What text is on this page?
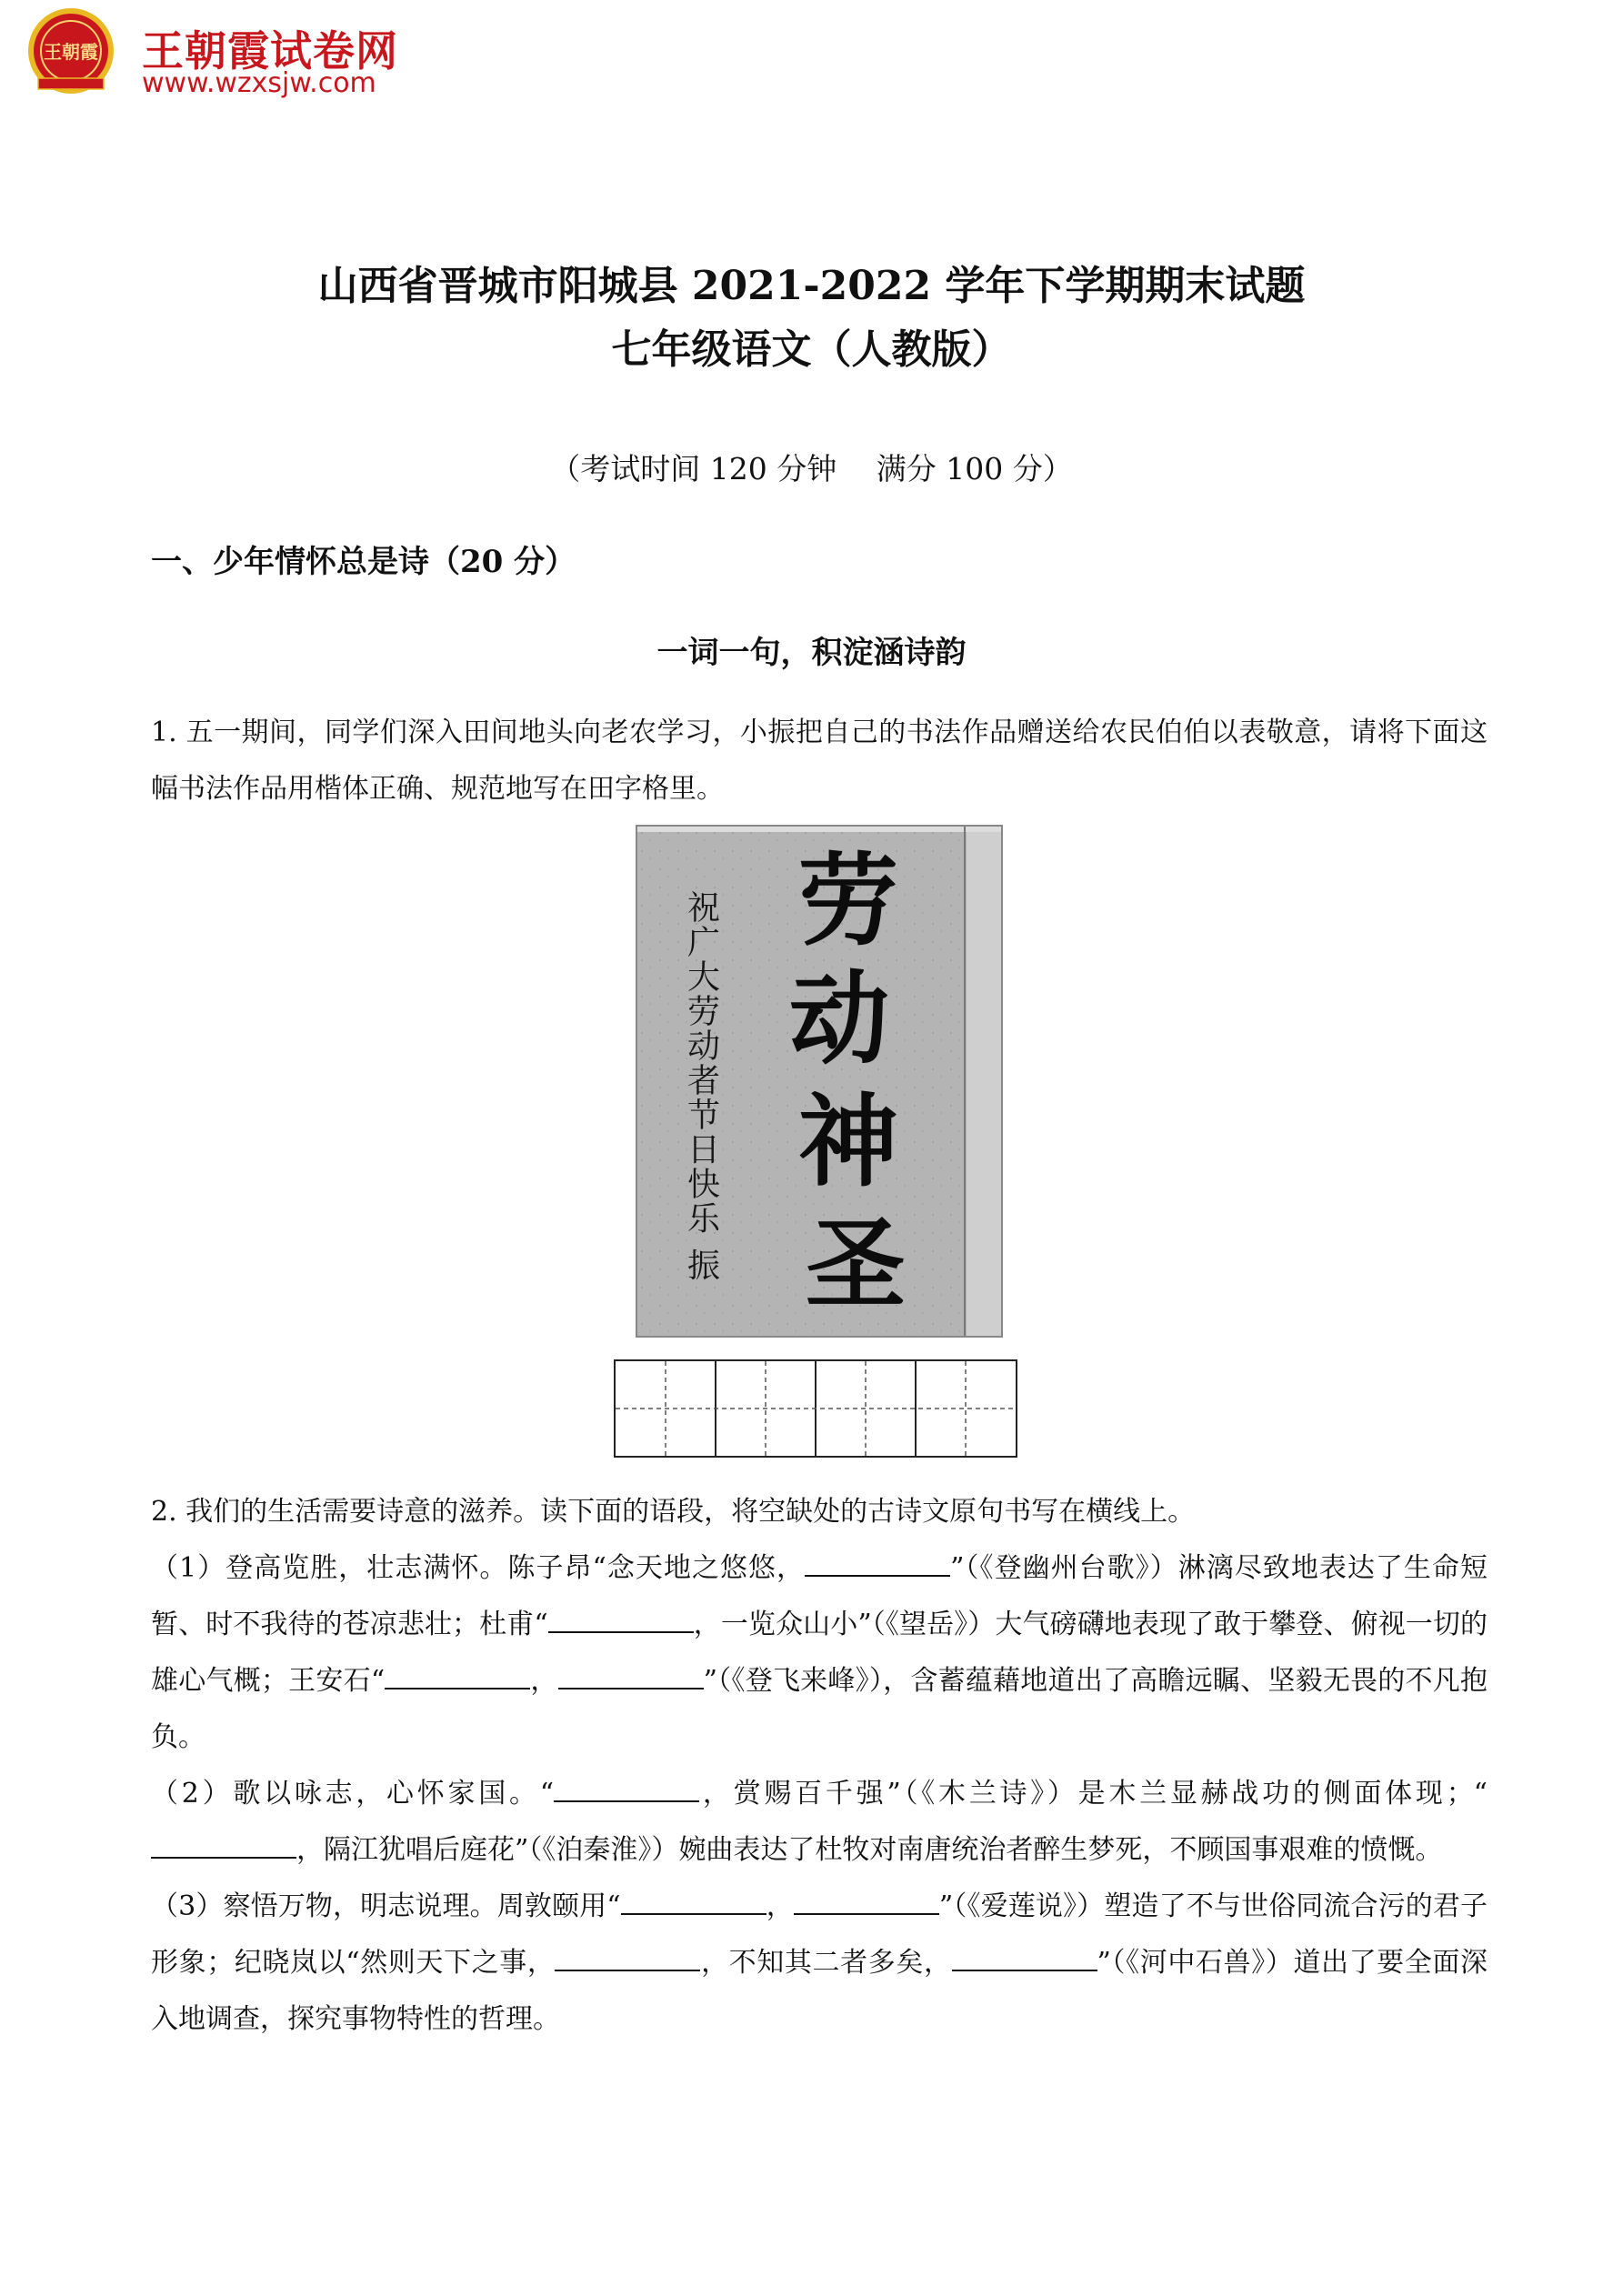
王朝霞 王朝霞试卷网
www.wzxsjw.com
山西省晋城市阳城县 2021-2022 学年下学期期末试题
七年级语文（人教版）
（考试时间 120 分钟　 满分 100 分）
一、少年情怀总是诗（20 分）
一词一句，积淀涵诗韵
1. 五一期间，同学们深入田间地头向老农学习，小振把自己的书法作品赠送给农民伯伯以表敬意，请将下面这幅书法作品用楷体正确、规范地写在田字格里。
劳
动
神
圣
祝广大劳动者节日快乐 振
2. 我们的生活需要诗意的滋养。读下面的语段，将空缺处的古诗文原句书写在横线上。
（1）登高览胜，壮志满怀。陈子昂“念天地之悠悠，	”（《登幽州台歌》）淋漓尽致地表达了生命短暂、时不我待的苍凉悲壮；杜甫“	，一览众山小”（《望岳》）大气磅礴地表现了敢于攀登、俯视一切的雄心气概；王安石“	，	”（《登飞来峰》），含蓄蕴藉地道出了高瞻远瞩、坚毅无畏的不凡抱负。
（2）歌以咏志，心怀家国。“	，赏赐百千强”（《木兰诗》）是木兰显赫战功的侧面体现；“，隔江犹唱后庭花”（《泊秦淮》）婉曲表达了杜牧对南唐统治者醉生梦死，不顾国事艰难的愤慨。
（3）察悟万物，明志说理。周敦颐用“	，	”（《爱莲说》）塑造了不与世俗同流合污的君子形象；纪晓岚以“然则天下之事，	，不知其二者多矣，	”（《河中石兽》）道出了要全面深入地调查，探究事物特性的哲理。
